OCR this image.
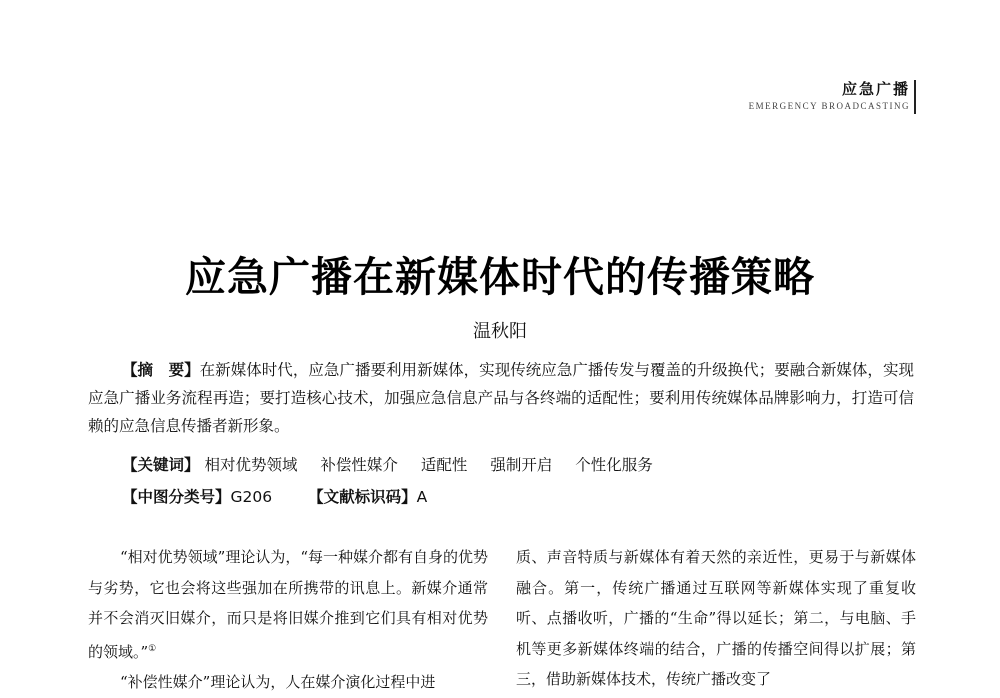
应急广播
EMERGENCY BROADCASTING
应急广播在新媒体时代的传播策略
温秋阳
【摘　要】在新媒体时代，应急广播要利用新媒体，实现传统应急广播传发与覆盖的升级换代；要融合新媒体，实现应急广播业务流程再造；要打造核心技术，加强应急信息产品与各终端的适配性；要利用传统媒体品牌影响力，打造可信赖的应急信息传播者新形象。
【关键词】 相对优势领域 补偿性媒介 适配性 强制开启 个性化服务
【中图分类号】G206 【文献标识码】A

“相对优势领域”理论认为，“每一种媒介都有自身的优势与劣势，它也会将这些强加在所携带的讯息上。新媒介通常并不会消灭旧媒介，而只是将旧媒介推到它们具有相对优势的领域。”①

“补偿性媒介”理论认为，人在媒介演化过程中进

质、声音特质与新媒体有着天然的亲近性，更易于与新媒体融合。第一，传统广播通过互联网等新媒体实现了重复收听、点播收听，广播的“生命”得以延长；第二，与电脑、手机等更多新媒体终端的结合，广播的传播空间得以扩展；第三，借助新媒体技术，传统广播改变了
